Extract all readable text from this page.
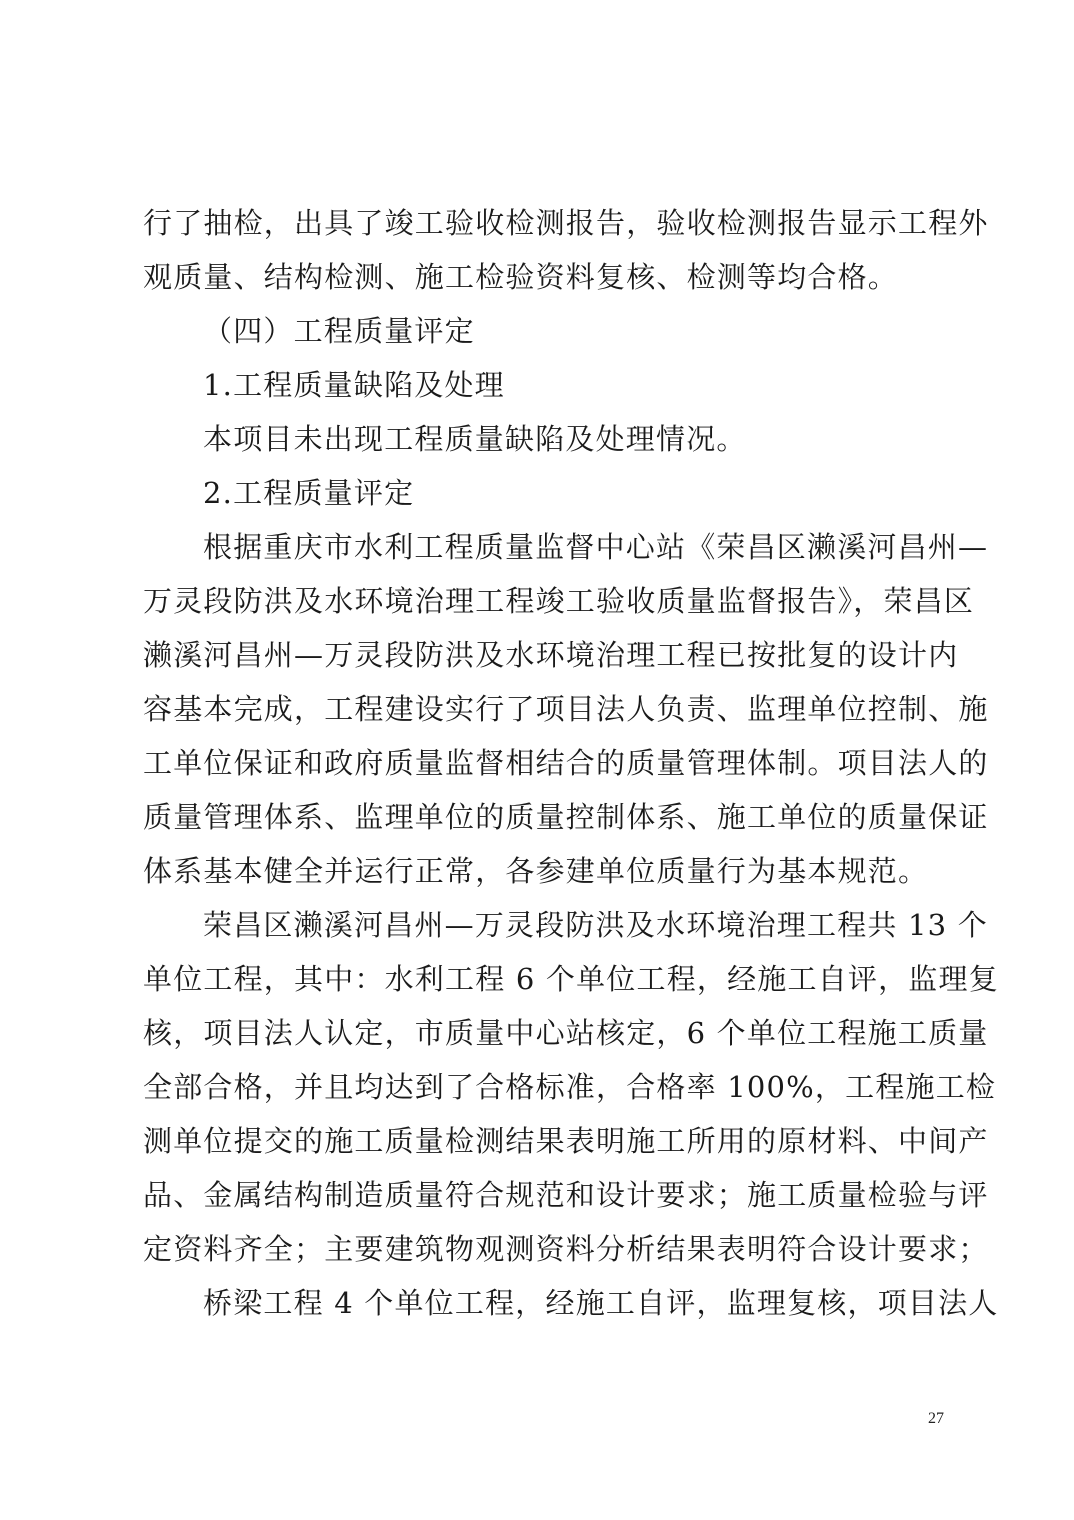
行了抽检，出具了竣工验收检测报告，验收检测报告显示工程外
观质量、结构检测、施工检验资料复核、检测等均合格。
（四）工程质量评定
1.工程质量缺陷及处理
本项目未出现工程质量缺陷及处理情况。
2.工程质量评定
根据重庆市水利工程质量监督中心站《荣昌区濑溪河昌州—
万灵段防洪及水环境治理工程竣工验收质量监督报告》，荣昌区
濑溪河昌州—万灵段防洪及水环境治理工程已按批复的设计内
容基本完成，工程建设实行了项目法人负责、监理单位控制、施
工单位保证和政府质量监督相结合的质量管理体制。项目法人的
质量管理体系、监理单位的质量控制体系、施工单位的质量保证
体系基本健全并运行正常，各参建单位质量行为基本规范。
荣昌区濑溪河昌州—万灵段防洪及水环境治理工程共 13 个
单位工程，其中：水利工程 6 个单位工程，经施工自评，监理复
核，项目法人认定，市质量中心站核定，6 个单位工程施工质量
全部合格，并且均达到了合格标准，合格率 100%，工程施工检
测单位提交的施工质量检测结果表明施工所用的原材料、中间产
品、金属结构制造质量符合规范和设计要求；施工质量检验与评
定资料齐全；主要建筑物观测资料分析结果表明符合设计要求；
桥梁工程 4 个单位工程，经施工自评，监理复核，项目法人
27
